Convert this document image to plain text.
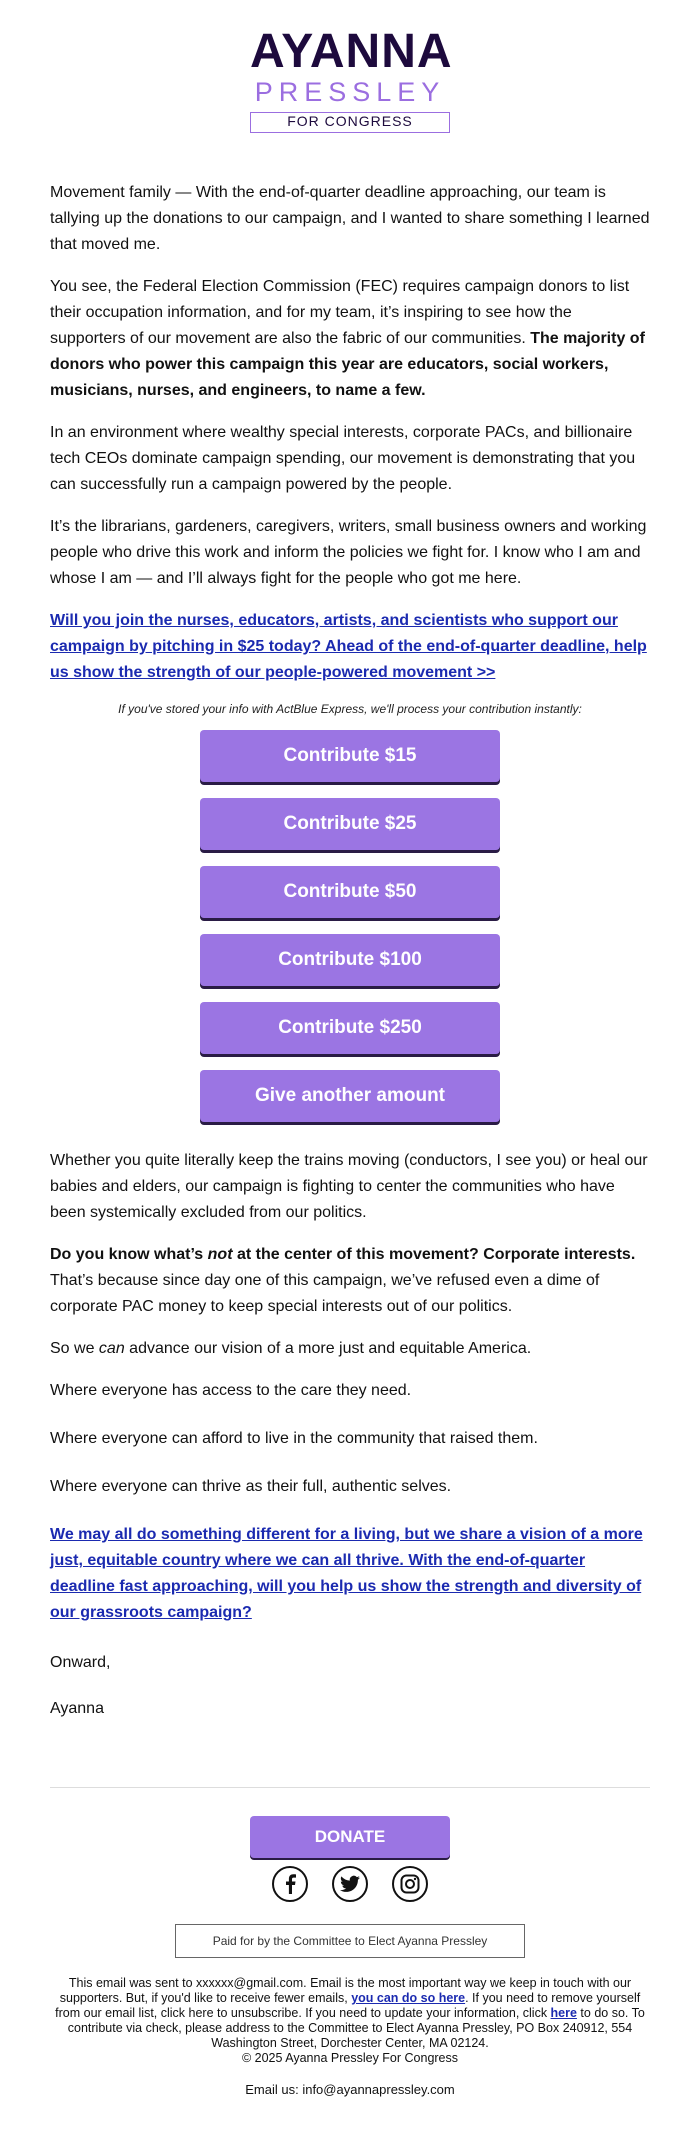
AYANNA
PRESSLEY
FOR CONGRESS

Movement family — With the end-of-quarter deadline approaching, our team is tallying up the donations to our campaign, and I wanted to share something I learned that moved me.

You see, the Federal Election Commission (FEC) requires campaign donors to list their occupation information, and for my team, it’s inspiring to see how the supporters of our movement are also the fabric of our communities. The majority of donors who power this campaign this year are educators, social workers, musicians, nurses, and engineers, to name a few.

In an environment where wealthy special interests, corporate PACs, and billionaire tech CEOs dominate campaign spending, our movement is demonstrating that you can successfully run a campaign powered by the people.

It’s the librarians, gardeners, caregivers, writers, small business owners and working people who drive this work and inform the policies we fight for. I know who I am and whose I am — and I’ll always fight for the people who got me here.

Will you join the nurses, educators, artists, and scientists who support our campaign by pitching in $25 today? Ahead of the end-of-quarter deadline, help us show the strength of our people-powered movement >>

If you've stored your info with ActBlue Express, we'll process your contribution instantly:

Contribute $15
Contribute $25
Contribute $50
Contribute $100
Contribute $250
Give another amount

Whether you quite literally keep the trains moving (conductors, I see you) or heal our babies and elders, our campaign is fighting to center the communities who have been systemically excluded from our politics.

Do you know what’s not at the center of this movement? Corporate interests. That’s because since day one of this campaign, we’ve refused even a dime of corporate PAC money to keep special interests out of our politics.

So we can advance our vision of a more just and equitable America.

Where everyone has access to the care they need.

Where everyone can afford to live in the community that raised them.

Where everyone can thrive as their full, authentic selves.

We may all do something different for a living, but we share a vision of a more just, equitable country where we can all thrive. With the end-of-quarter deadline fast approaching, will you help us show the strength and diversity of our grassroots campaign?

Onward,

Ayanna

DONATE

Paid for by the Committee to Elect Ayanna Pressley
This email was sent to xxxxxx@gmail.com. Email is the most important way we keep in touch with our supporters. But, if you'd like to receive fewer emails, you can do so here. If you need to remove yourself from our email list, click here to unsubscribe. If you need to update your information, click here to do so. To contribute via check, please address to the Committee to Elect Ayanna Pressley, PO Box 240912, 554 Washington Street, Dorchester Center, MA 02124.
© 2025 Ayanna Pressley For Congress
Email us: info@ayannapressley.com
